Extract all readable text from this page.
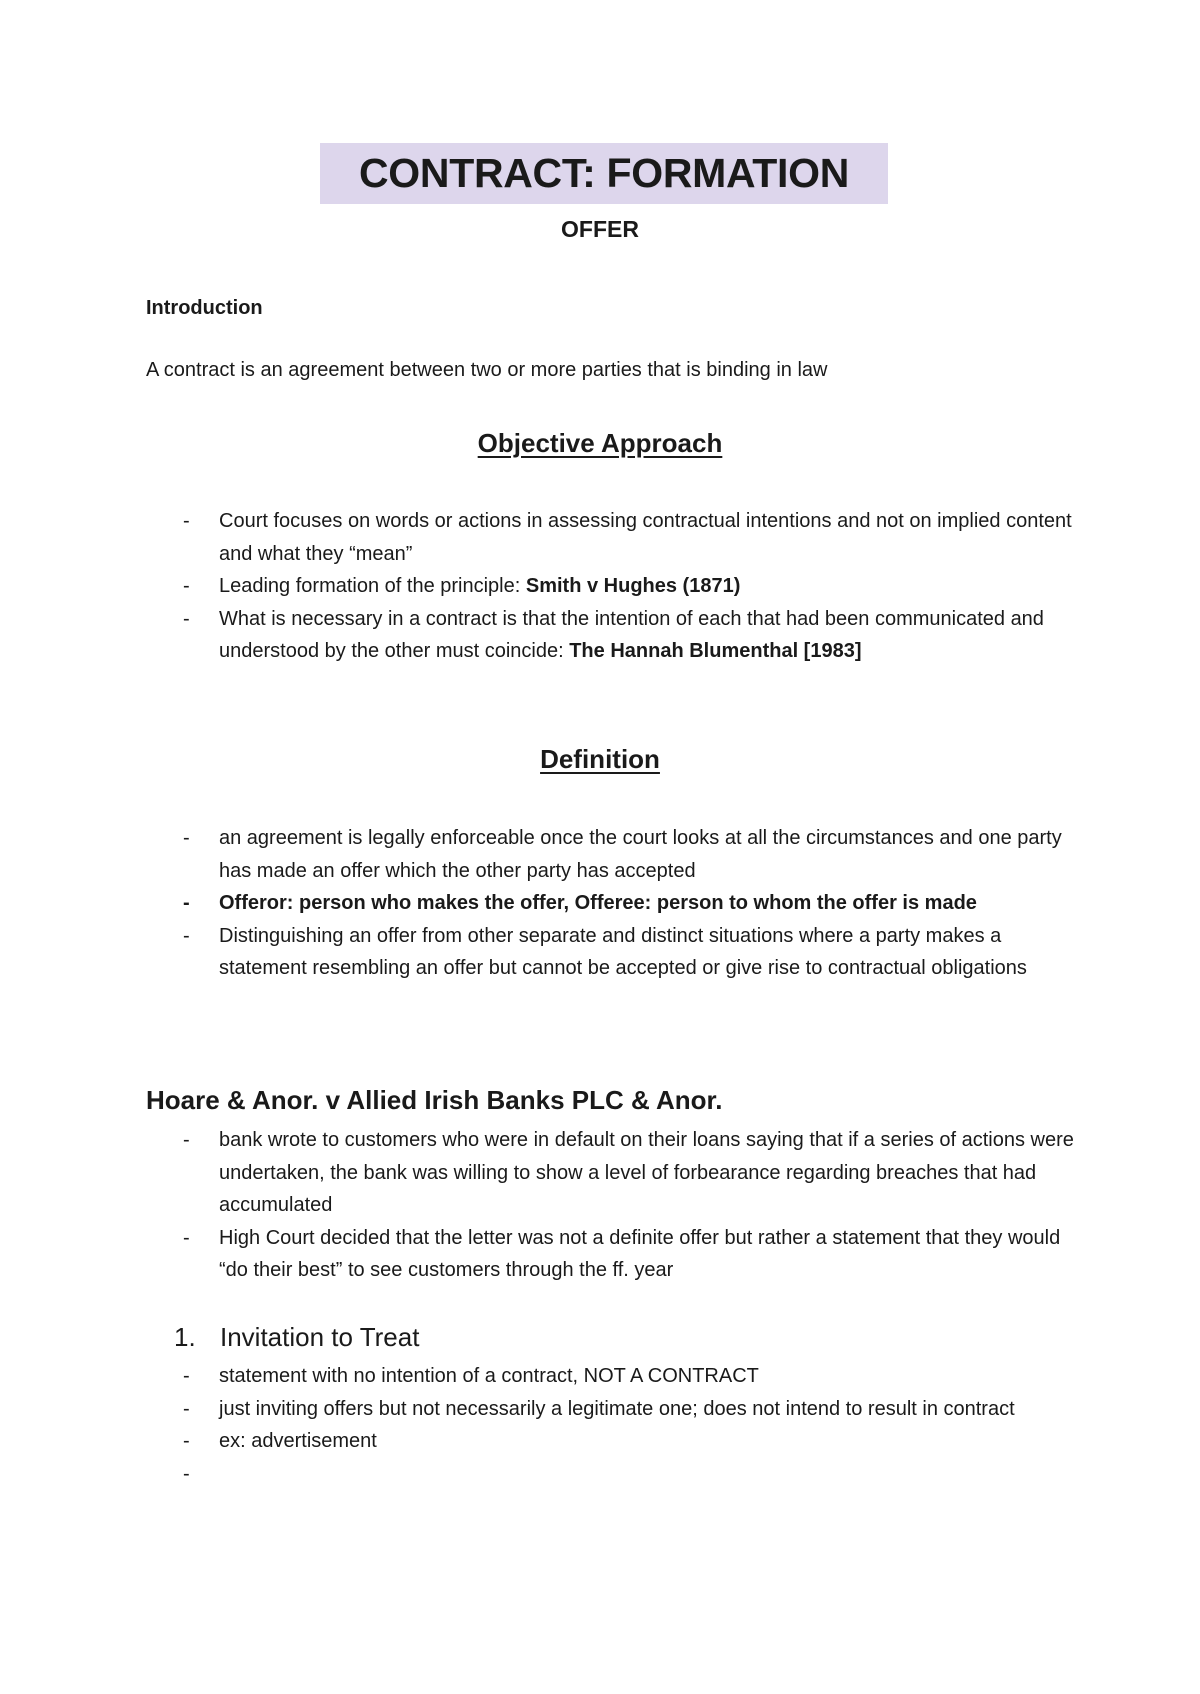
CONTRACT: FORMATION
OFFER
Introduction
A contract is an agreement between two or more parties that is binding in law
Objective Approach
- Court focuses on words or actions in assessing contractual intentions and not on implied content and what they “mean”
- Leading formation of the principle: Smith v Hughes (1871)
- What is necessary in a contract is that the intention of each that had been communicated and understood by the other must coincide: The Hannah Blumenthal [1983]
Definition
- an agreement is legally enforceable once the court looks at all the circumstances and one party has made an offer which the other party has accepted
- Offeror: person who makes the offer, Offeree: person to whom the offer is made
- Distinguishing an offer from other separate and distinct situations where a party makes a statement resembling an offer but cannot be accepted or give rise to contractual obligations
Hoare & Anor. v Allied Irish Banks PLC & Anor.
- bank wrote to customers who were in default on their loans saying that if a series of actions were undertaken, the bank was willing to show a level of forbearance regarding breaches that had accumulated
- High Court decided that the letter was not a definite offer but rather a statement that they would “do their best” to see customers through the ff. year
1. Invitation to Treat
- statement with no intention of a contract, NOT A CONTRACT
- just inviting offers but not necessarily a legitimate one; does not intend to result in contract
- ex: advertisement
-
